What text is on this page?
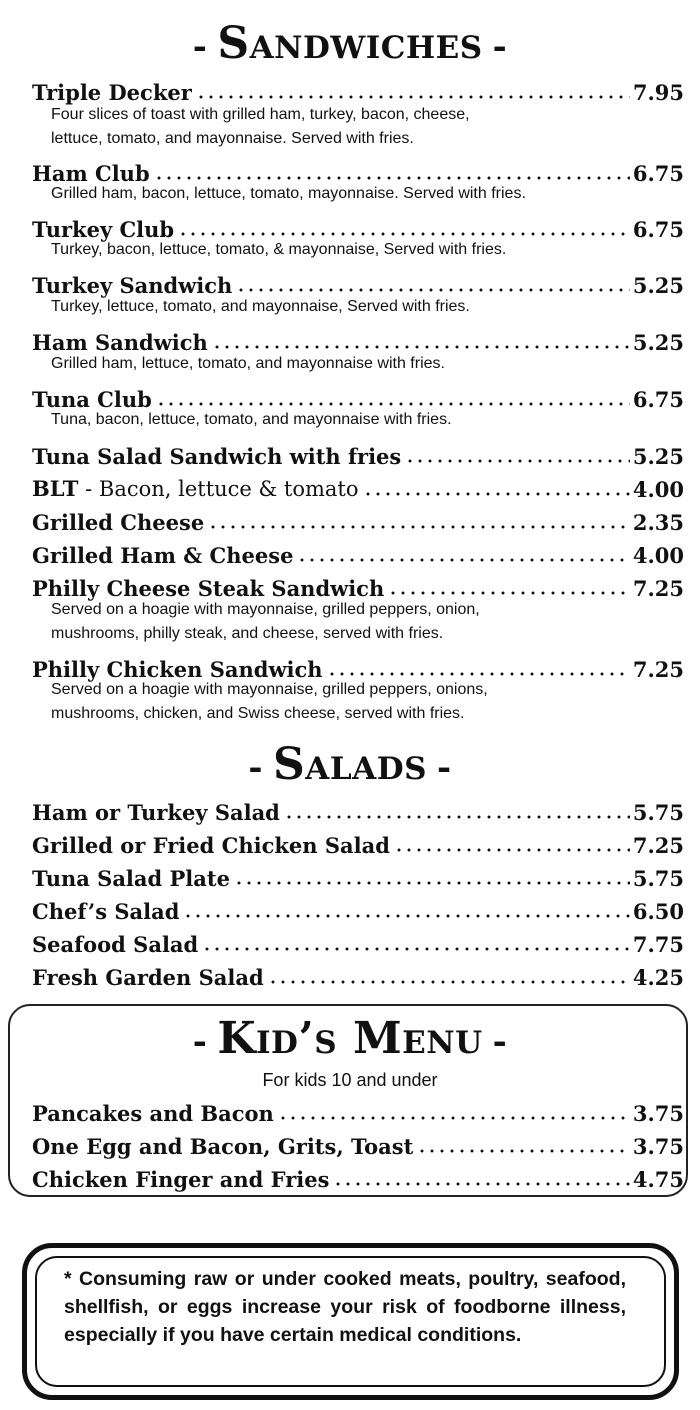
- Sandwiches -
Triple Decker	7.95
Four slices of toast with grilled ham, turkey, bacon, cheese,
lettuce, tomato, and mayonnaise. Served with fries.
Ham Club	6.75
Grilled ham, bacon, lettuce, tomato, mayonnaise. Served with fries.
Turkey Club	6.75
Turkey, bacon, lettuce, tomato, & mayonnaise, Served with fries.
Turkey Sandwich	5.25
Turkey, lettuce, tomato, and mayonnaise, Served with fries.
Ham Sandwich	5.25
Grilled ham, lettuce, tomato, and mayonnaise with fries.
Tuna Club	6.75
Tuna, bacon, lettuce, tomato, and mayonnaise with fries.
Tuna Salad Sandwich with fries	5.25
BLT - Bacon, lettuce & tomato	4.00
Grilled Cheese	2.35
Grilled Ham & Cheese	4.00
Philly Cheese Steak Sandwich	7.25
Served on a hoagie with mayonnaise, grilled peppers, onion,
mushrooms, philly steak, and cheese, served with fries.
Philly Chicken Sandwich	7.25
Served on a hoagie with mayonnaise, grilled peppers, onions,
mushrooms, chicken, and Swiss cheese, served with fries.
- Salads -
Ham or Turkey Salad	5.75
Grilled or Fried Chicken Salad	7.25
Tuna Salad Plate	5.75
Chef’s Salad	6.50
Seafood Salad	7.75
Fresh Garden Salad	4.25
- Kid’s Menu -
For kids 10 and under
Pancakes and Bacon	3.75
One Egg and Bacon, Grits, Toast	3.75
Chicken Finger and Fries	4.75
* Consuming raw or under cooked meats, poultry, seafood, shellfish, or eggs increase your risk of foodborne illness, especially if you have certain medical conditions.
